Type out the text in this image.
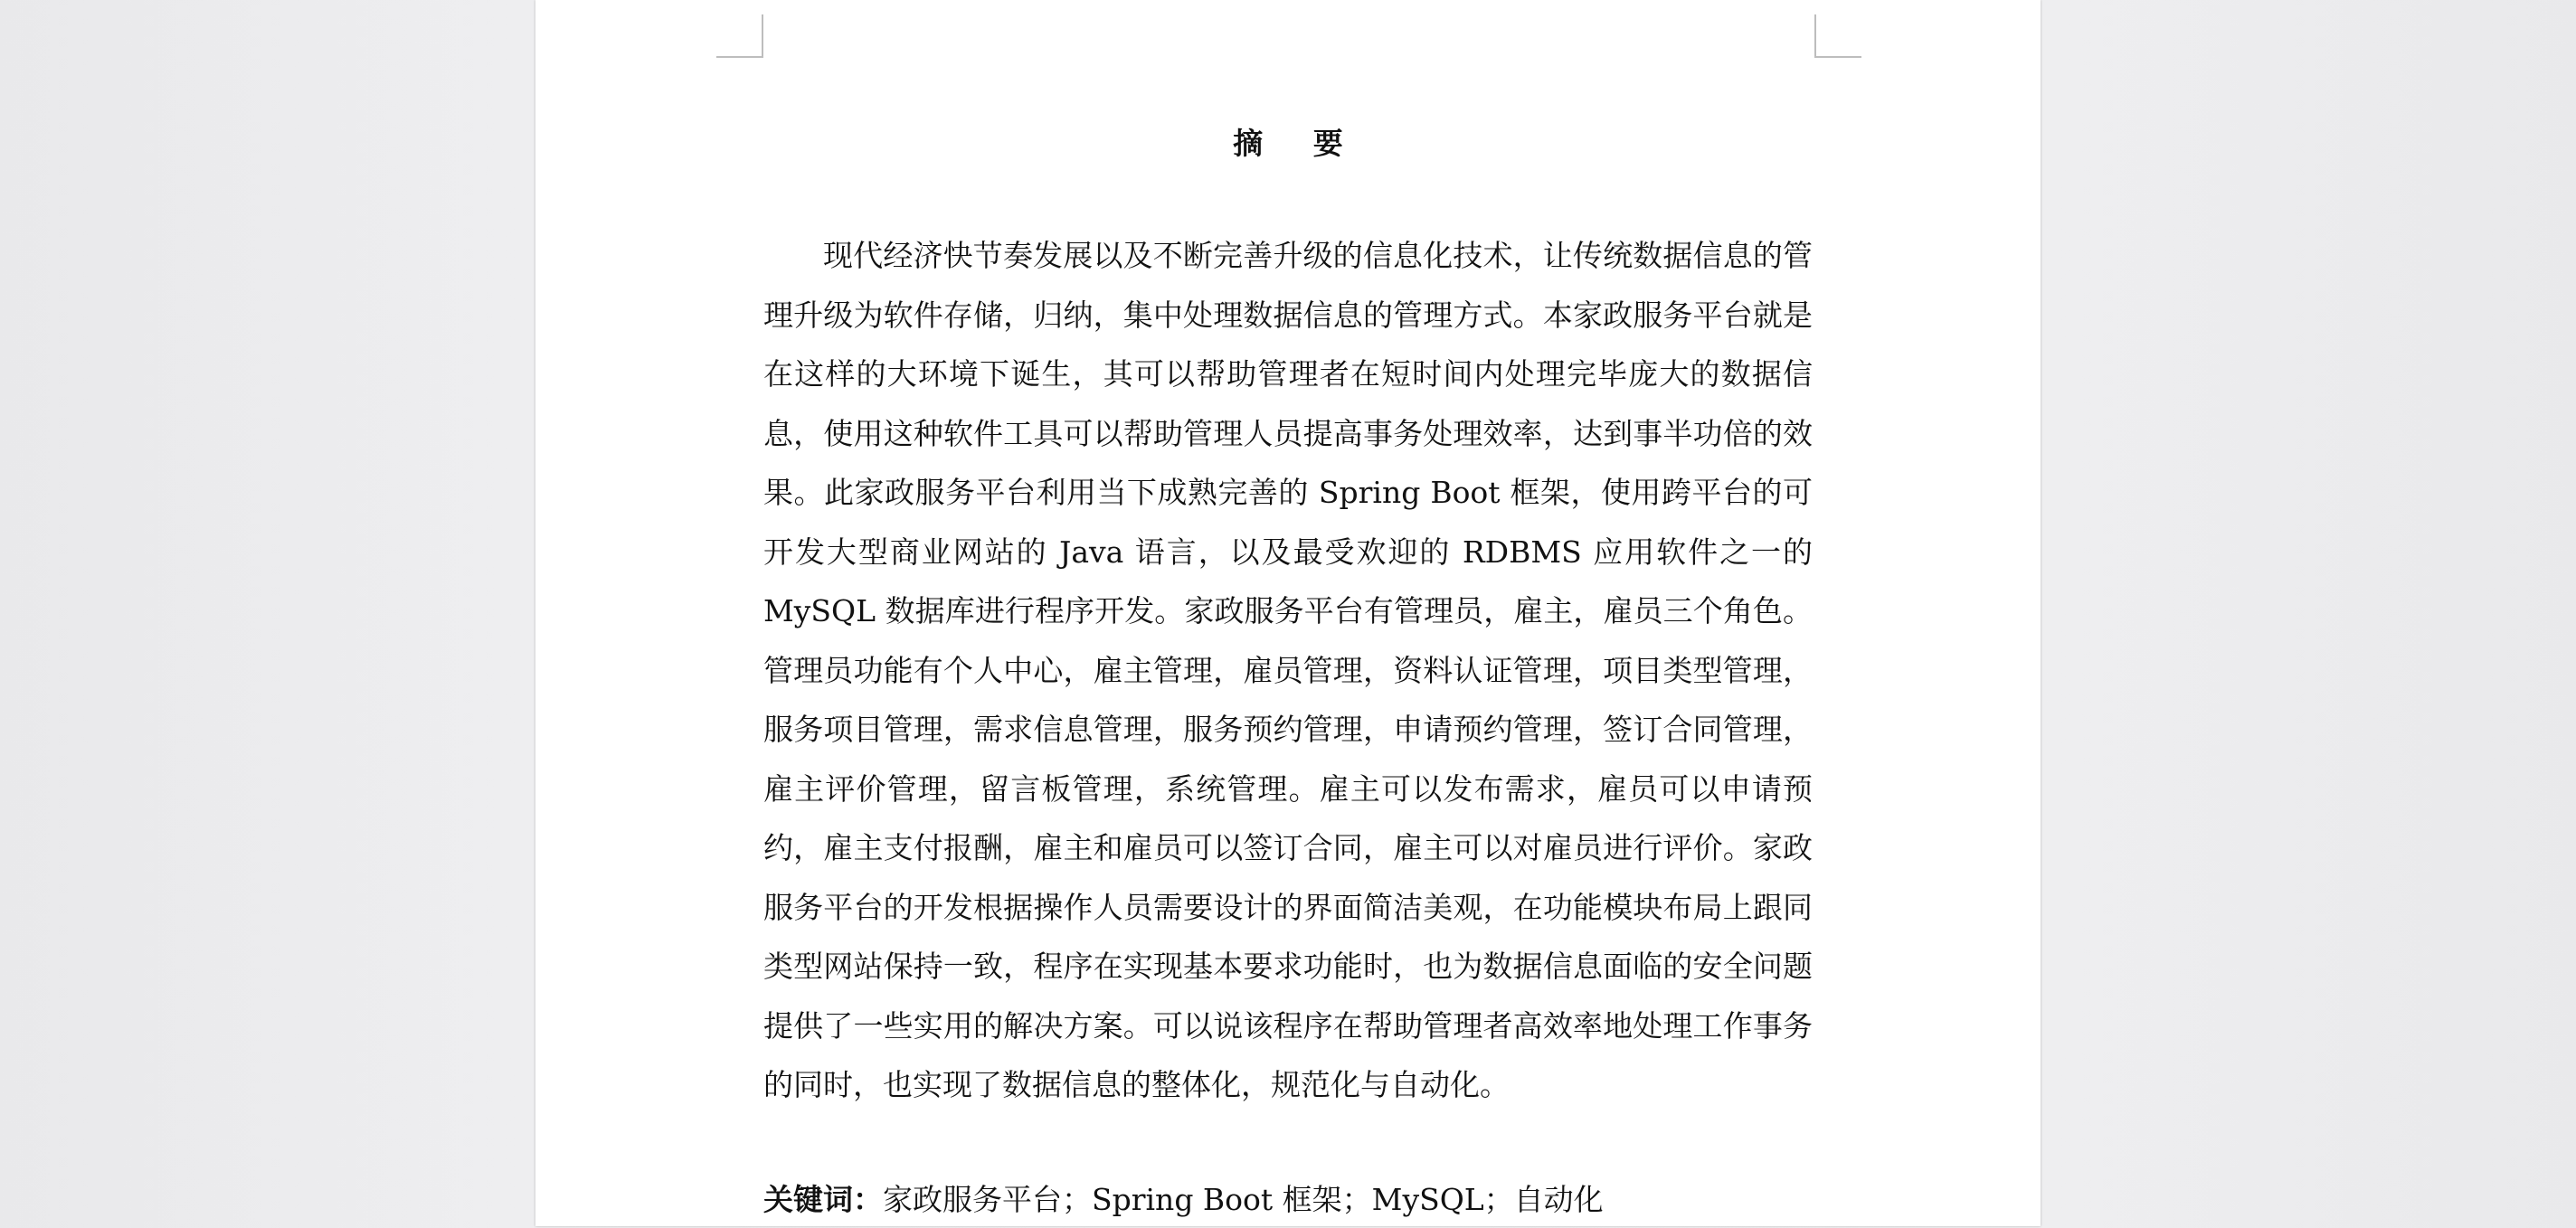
摘 要

现代经济快节奏发展以及不断完善升级的信息化技术，让传统数据信息的管理升级为软件存储，归纳，集中处理数据信息的管理方式。本家政服务平台就是在这样的大环境下诞生，其可以帮助管理者在短时间内处理完毕庞大的数据信息，使用这种软件工具可以帮助管理人员提高事务处理效率，达到事半功倍的效果。此家政服务平台利用当下成熟完善的 Spring Boot 框架，使用跨平台的可开发大型商业网站的 Java 语言，以及最受欢迎的 RDBMS 应用软件之一的 MySQL 数据库进行程序开发。家政服务平台有管理员，雇主，雇员三个角色。管理员功能有个人中心，雇主管理，雇员管理，资料认证管理，项目类型管理，服务项目管理，需求信息管理，服务预约管理，申请预约管理，签订合同管理，雇主评价管理，留言板管理，系统管理。雇主可以发布需求，雇员可以申请预约，雇主支付报酬，雇主和雇员可以签订合同，雇主可以对雇员进行评价。家政服务平台的开发根据操作人员需要设计的界面简洁美观，在功能模块布局上跟同类型网站保持一致，程序在实现基本要求功能时，也为数据信息面临的安全问题提供了一些实用的解决方案。可以说该程序在帮助管理者高效率地处理工作事务的同时，也实现了数据信息的整体化，规范化与自动化。

关键词：家政服务平台；Spring Boot 框架；MySQL；自动化
